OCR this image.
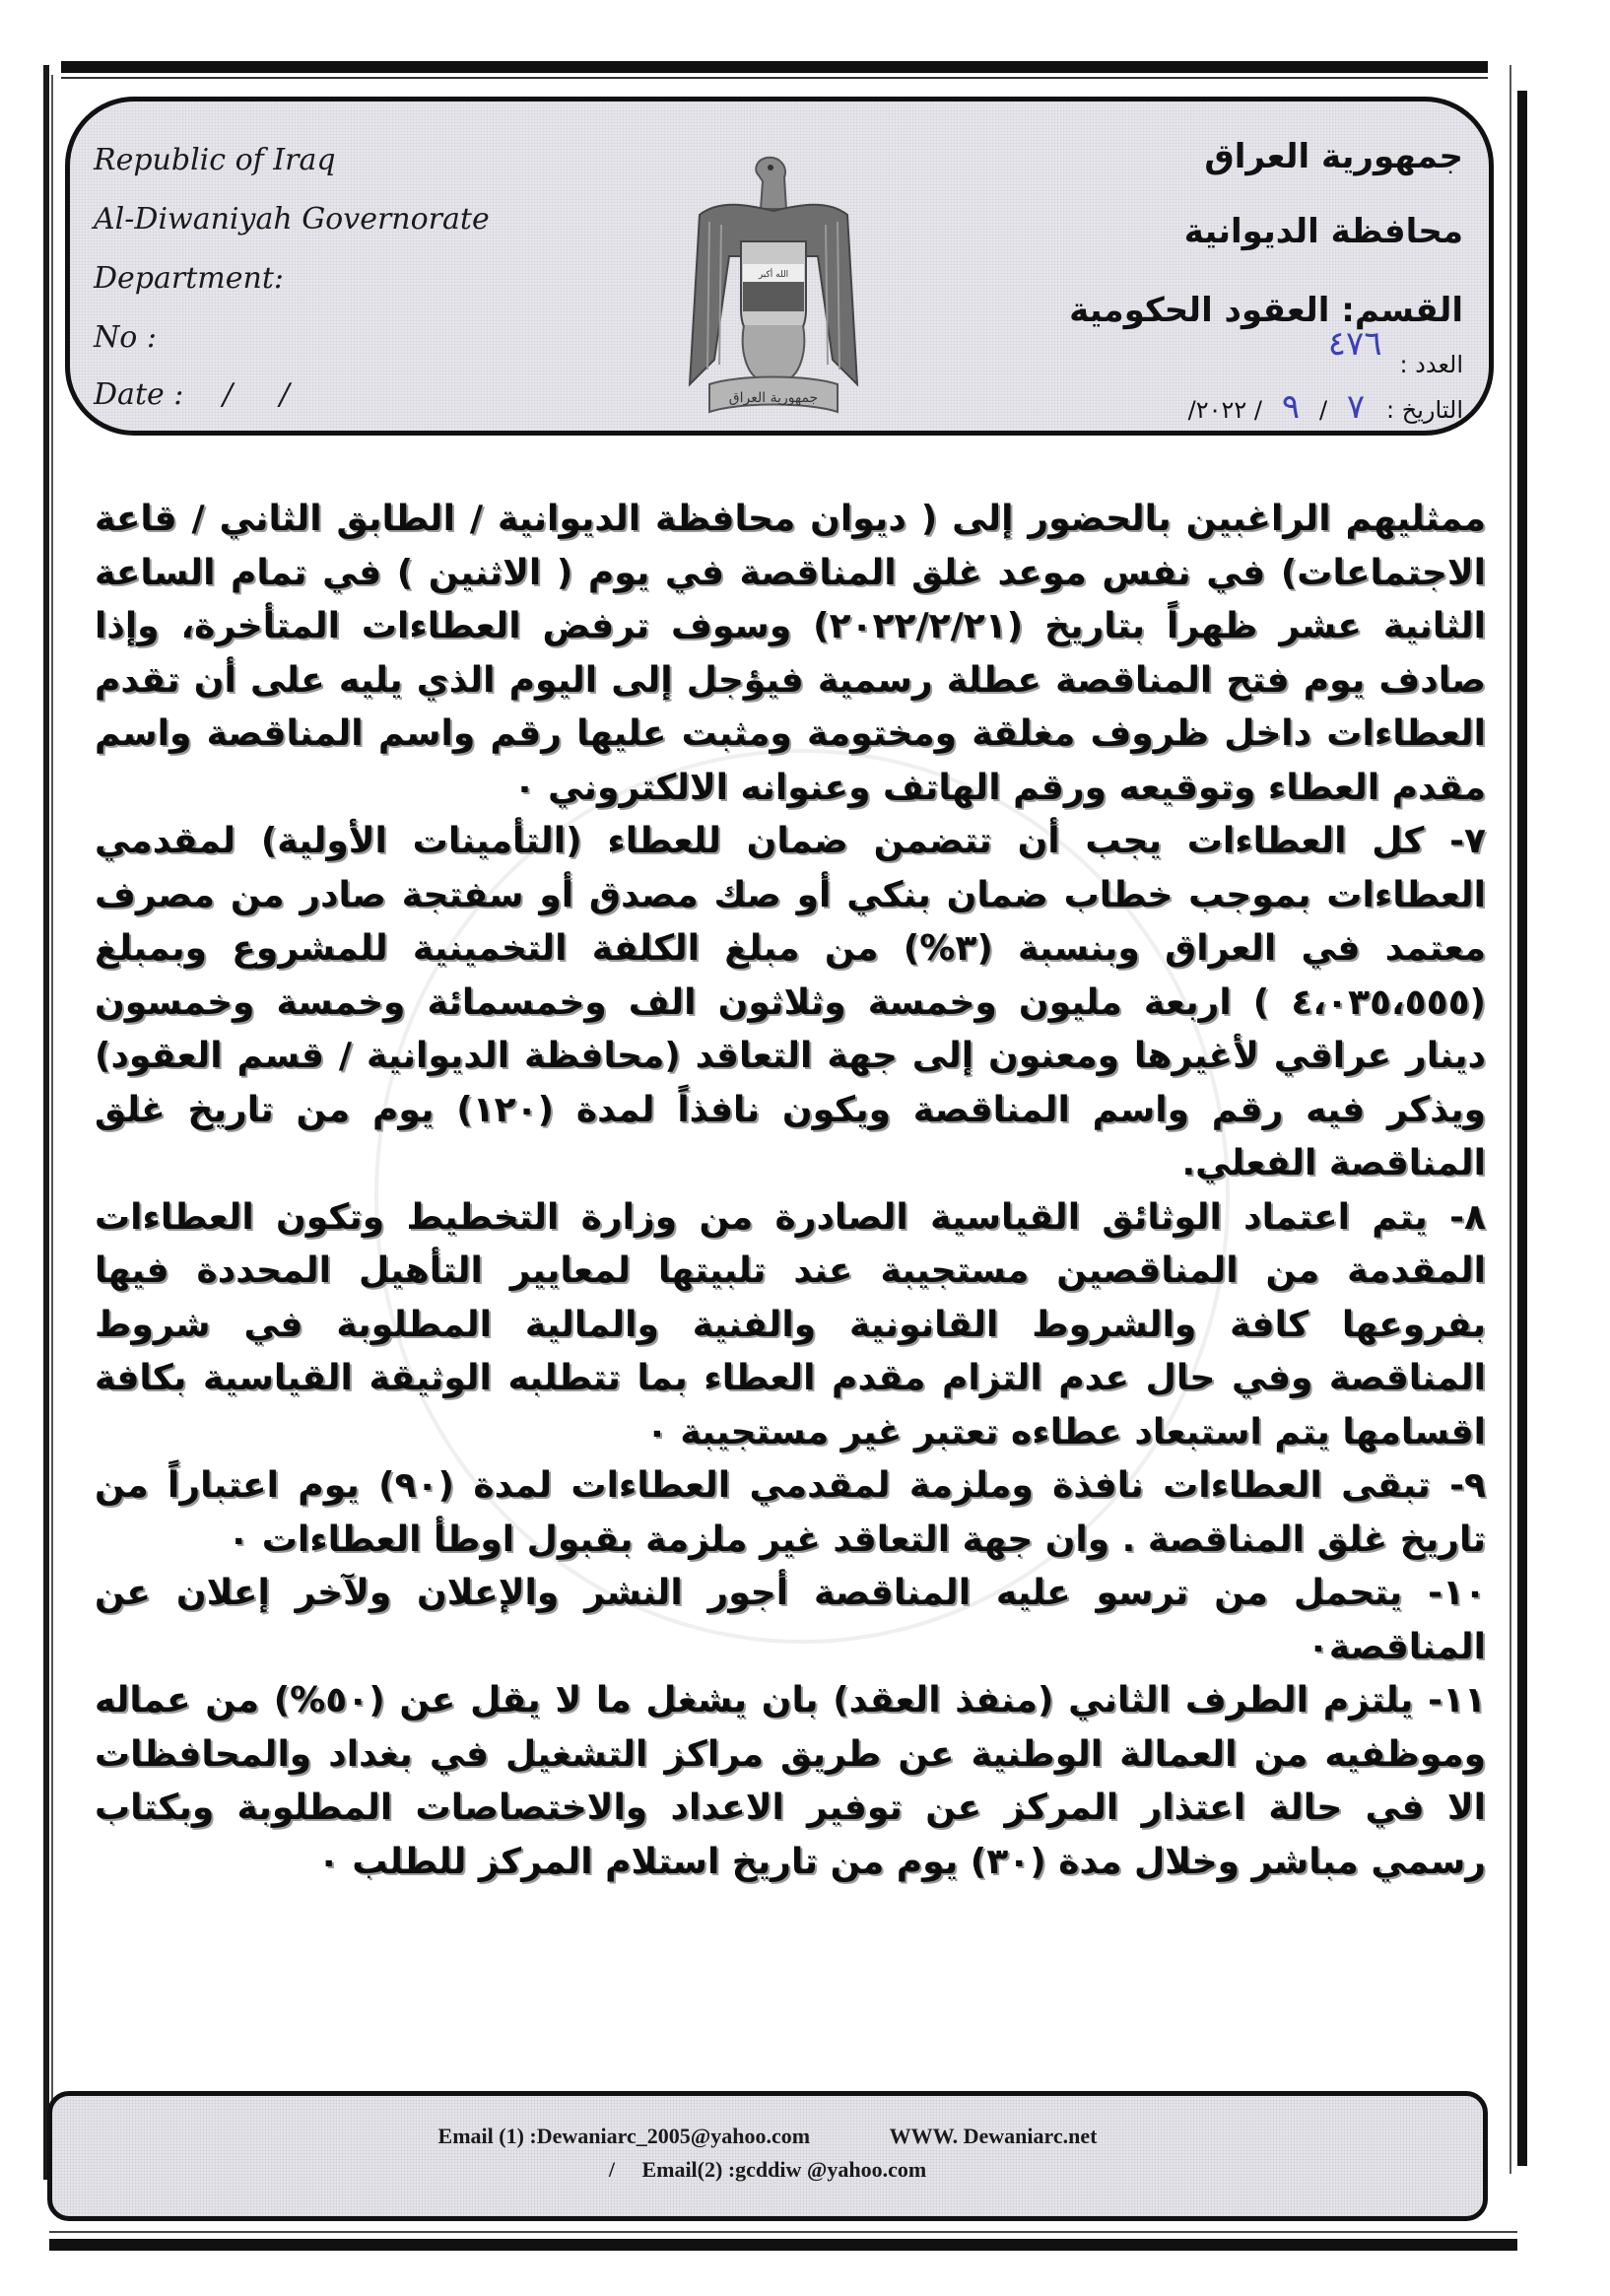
Republic of Iraq
Al-Diwaniyah Governorate
Department:
No :
Date : /     /
جمهورية العراق
محافظة الديوانية
القسم: العقود الحكومية
العدد : ٤٧٦
التاريخ : ٧ / ٩ / ٢٠٢٢/
الله أكبر
جمهورية العراق

ممثليهم الراغبين بالحضور إلى ( ديوان محافظة الديوانية / الطابق الثاني / قاعة الاجتماعات) في نفس موعد غلق المناقصة في يوم ( الاثنين ) في تمام الساعة الثانية عشر ظهراً بتاريخ (٢٠٢٢/٢/٢١) وسوف ترفض العطاءات المتأخرة، وإذا صادف يوم فتح المناقصة عطلة رسمية فيؤجل إلى اليوم الذي يليه على أن تقدم العطاءات داخل ظروف مغلقة ومختومة ومثبت عليها رقم واسم المناقصة واسم مقدم العطاء وتوقيعه ورقم الهاتف وعنوانه الالكتروني ٠

٧- كل العطاءات يجب أن تتضمن ضمان للعطاء (التأمينات الأولية) لمقدمي العطاءات بموجب خطاب ضمان بنكي أو صك مصدق أو سفتجة صادر من مصرف معتمد في العراق وبنسبة (٣%) من مبلغ الكلفة التخمينية للمشروع وبمبلغ (٤،٠٣٥،٥٥٥ ) اربعة مليون وخمسة وثلاثون الف وخمسمائة وخمسة وخمسون دينار عراقي لأغيرها ومعنون إلى جهة التعاقد (محافظة الديوانية / قسم العقود) ويذكر فيه رقم واسم المناقصة ويكون نافذاً لمدة (١٢٠) يوم من تاريخ غلق المناقصة الفعلي.

٨- يتم اعتماد الوثائق القياسية الصادرة من وزارة التخطيط وتكون العطاءات المقدمة من المناقصين مستجيبة عند تلبيتها لمعايير التأهيل المحددة فيها بفروعها كافة والشروط القانونية والفنية والمالية المطلوبة في شروط المناقصة وفي حال عدم التزام مقدم العطاء بما تتطلبه الوثيقة القياسية بكافة اقسامها يتم استبعاد عطاءه تعتبر غير مستجيبة ٠

٩- تبقى العطاءات نافذة وملزمة لمقدمي العطاءات لمدة (٩٠) يوم اعتباراً من تاريخ غلق المناقصة . وان جهة التعاقد غير ملزمة بقبول اوطأ العطاءات ٠

١٠- يتحمل من ترسو عليه المناقصة أجور النشر والإعلان ولآخر إعلان عن المناقصة٠

١١- يلتزم الطرف الثاني (منفذ العقد) بان يشغل ما لا يقل عن (٥٠%) من عماله وموظفيه من العمالة الوطنية عن طريق مراكز التشغيل في بغداد والمحافظات الا في حالة اعتذار المركز عن توفير الاعداد والاختصاصات المطلوبة وبكتاب رسمي مباشر وخلال مدة (٣٠) يوم من تاريخ استلام المركز للطلب ٠

Email (1) :Dewaniarc_2005@yahoo.com	WWW. Dewaniarc.net
/     Email(2) :gcddiw @yahoo.com
